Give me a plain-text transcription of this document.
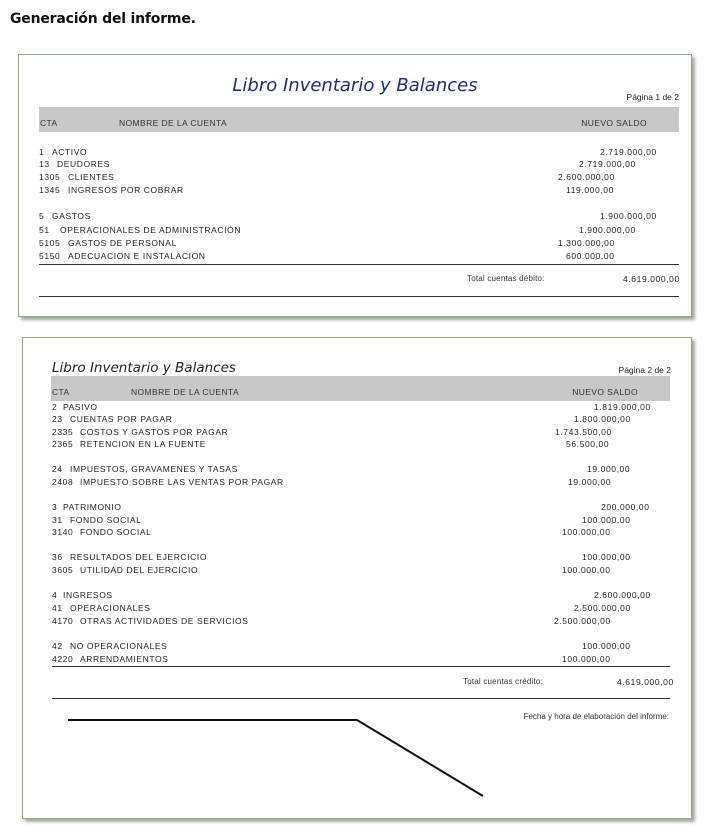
Generación del informe.
Libro Inventario y Balances
Página 1 de 2
CTA	NOMBRE DE LA CUENTA	NUEVO SALDO
1 ACTIVO	2.719.000,00
13 DEUDORES	2.719.000,00
1305 CLIENTES	2.600.000,00
1345 INGRESOS POR COBRAR	119.000,00
5 GASTOS	1.900.000,00
51 OPERACIONALES DE ADMINISTRACIÓN	1.900.000,00
5105 GASTOS DE PERSONAL	1.300.000,00
5150 ADECUACION E INSTALACION	600.000,00
Total cuentas débito:	4.619.000,00
Libro Inventario y Balances	Página 2 de 2
CTA	NOMBRE DE LA CUENTA	NUEVO SALDO
2 PASIVO	1.819.000,00
23 CUENTAS POR PAGAR	1.800.000,00
2335 COSTOS Y GASTOS POR PAGAR	1.743.500,00
2365 RETENCION EN LA FUENTE	56.500,00
24 IMPUESTOS, GRAVAMENES Y TASAS	19.000,00
2408 IMPUESTO SOBRE LAS VENTAS POR PAGAR	19.000,00
3 PATRIMONIO	200.000,00
31 FONDO SOCIAL	100.000,00
3140 FONDO SOCIAL	100.000,00
36 RESULTADOS DEL EJERCICIO	100.000,00
3605 UTILIDAD DEL EJERCICIO	100.000,00
4 INGRESOS	2.600.000,00
41 OPERACIONALES	2.500.000,00
4170 OTRAS ACTIVIDADES DE SERVICIOS	2.500.000,00
42 NO OPERACIONALES	100.000,00
4220 ARRENDAMIENTOS	100.000,00
Total cuentas crédito:	4.619.000,00
Fecha y hora de elaboración del informe:
